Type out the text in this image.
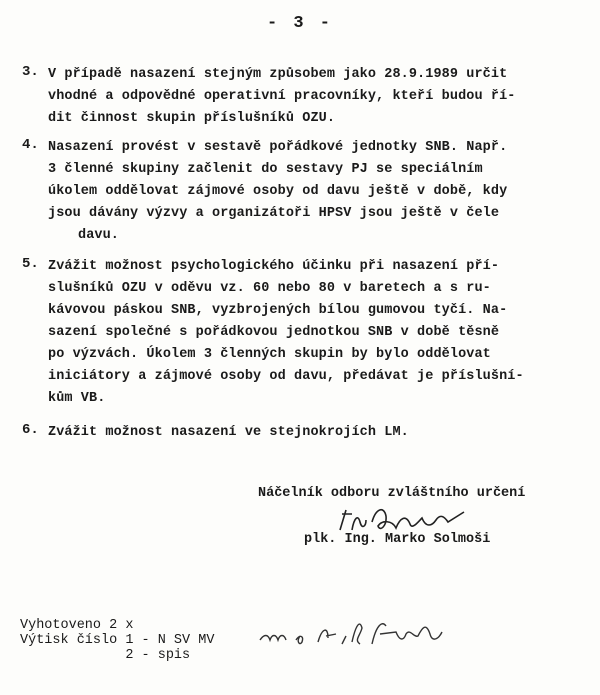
- 3 -
3. V případě nasazení stejným způsobem jako 28.9.1989 určit
vhodné a odpovědné operativní pracovníky, kteří budou ří-
dit činnost skupin příslušníků OZU.
4. Nasazení provést v sestavě pořádkové jednotky SNB. Např.
3 členné skupiny začlenit do sestavy PJ se speciálním
úkolem oddělovat zájmové osoby od davu ještě v době, kdy
jsou dávány výzvy a organizátoři HPSV jsou ještě v čele
davu.
5. Zvážit možnost psychologického účinku při nasazení pří-
slušníků OZU v oděvu vz. 60 nebo 80 v baretech a s ru-
kávovou páskou SNB, vyzbrojených bílou gumovou tyčí. Na-
sazení společné s pořádkovou jednotkou SNB v době těsně
po výzvách. Úkolem 3 členných skupin by bylo oddělovat
iniciátory a zájmové osoby od davu, předávat je příslušní-
kům VB.
6. Zvážit možnost nasazení ve stejnokrojích LM.
Náčelník odboru zvláštního určení
plk. Ing. Marko Solmoši
Vyhotoveno 2 x
Výtisk číslo 1 - N SV MV
2 - spis
